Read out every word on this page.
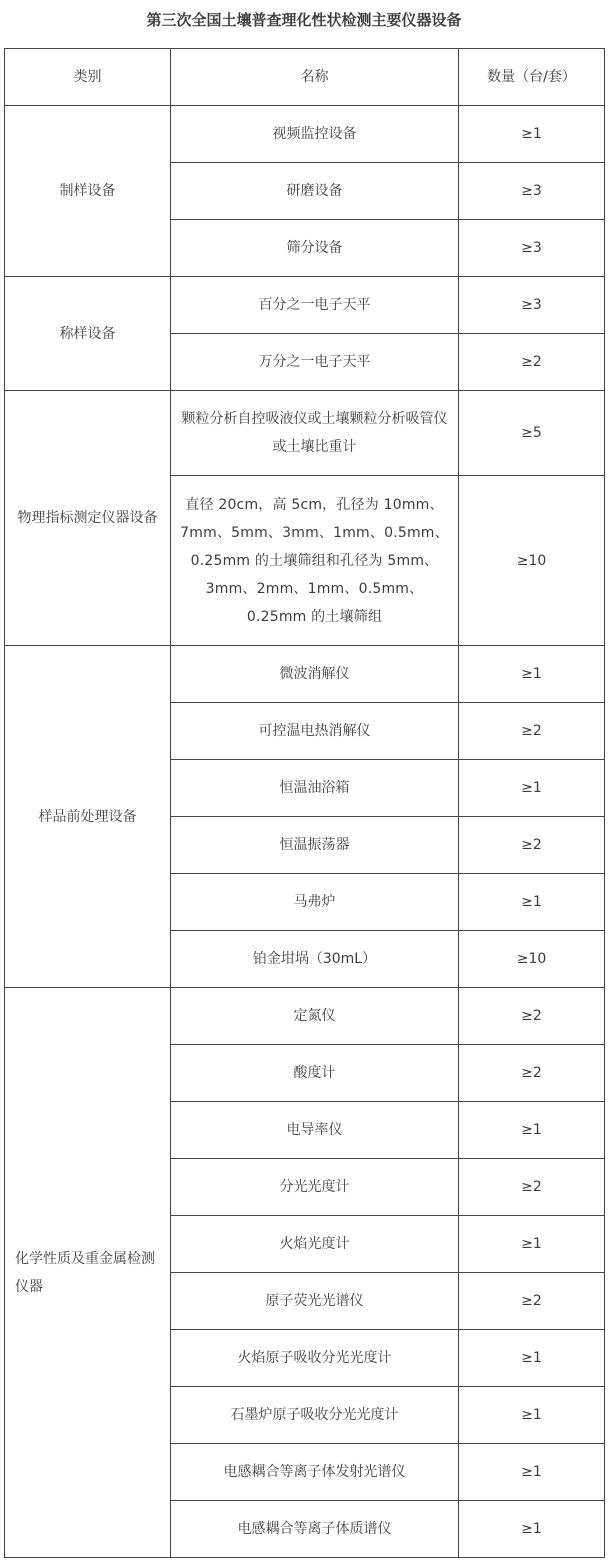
第三次全国土壤普查理化性状检测主要仪器设备
类别	名称	数量（台/套）
制样设备	视频监控设备	≥1
	研磨设备	≥3
	筛分设备	≥3
称样设备	百分之一电子天平	≥3
	万分之一电子天平	≥2
物理指标测定仪器设备	颗粒分析自控吸液仪或土壤颗粒分析吸管仪或土壤比重计	≥5
	直径 20cm，高 5cm，孔径为 10mm、7mm、5mm、3mm、1mm、0.5mm、0.25mm 的土壤筛组和孔径为 5mm、3mm、2mm、1mm、0.5mm、0.25mm 的土壤筛组	≥10
样品前处理设备	微波消解仪	≥1
	可控温电热消解仪	≥2
	恒温油浴箱	≥1
	恒温振荡器	≥2
	马弗炉	≥1
	铂金坩埚（30mL）	≥10
化学性质及重金属检测仪器	定氮仪	≥2
	酸度计	≥2
	电导率仪	≥1
	分光光度计	≥2
	火焰光度计	≥1
	原子荧光光谱仪	≥2
	火焰原子吸收分光光度计	≥1
	石墨炉原子吸收分光光度计	≥1
	电感耦合等离子体发射光谱仪	≥1
	电感耦合等离子体质谱仪	≥1
